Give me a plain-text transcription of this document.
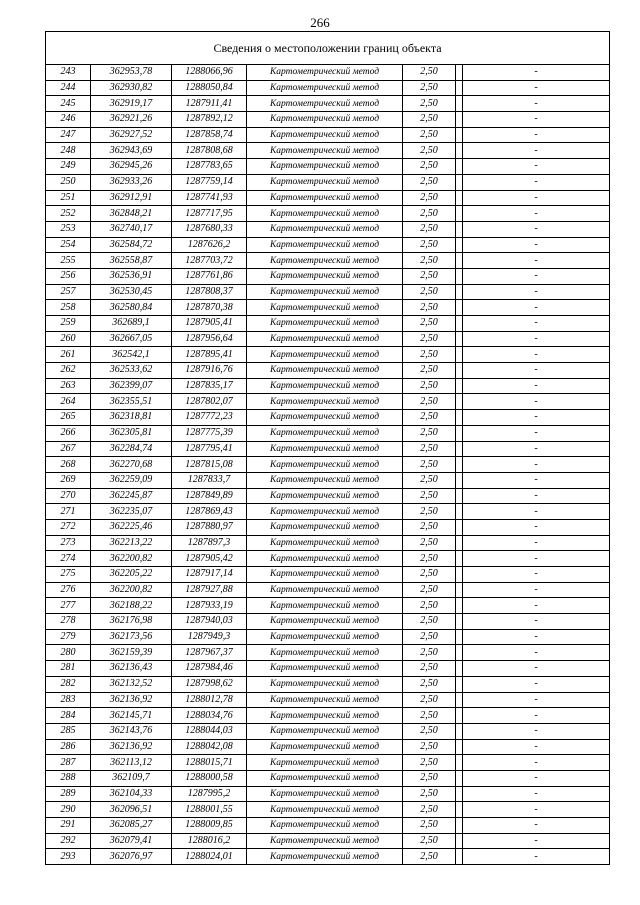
266
Сведения о местоположении границ объекта
243	362953,78	1288066,96	Картометрический метод	2,50		-
244	362930,82	1288050,84	Картометрический метод	2,50		-
245	362919,17	1287911,41	Картометрический метод	2,50		-
246	362921,26	1287892,12	Картометрический метод	2,50		-
247	362927,52	1287858,74	Картометрический метод	2,50		-
248	362943,69	1287808,68	Картометрический метод	2,50		-
249	362945,26	1287783,65	Картометрический метод	2,50		-
250	362933,26	1287759,14	Картометрический метод	2,50		-
251	362912,91	1287741,93	Картометрический метод	2,50		-
252	362848,21	1287717,95	Картометрический метод	2,50		-
253	362740,17	1287680,33	Картометрический метод	2,50		-
254	362584,72	1287626,2	Картометрический метод	2,50		-
255	362558,87	1287703,72	Картометрический метод	2,50		-
256	362536,91	1287761,86	Картометрический метод	2,50		-
257	362530,45	1287808,37	Картометрический метод	2,50		-
258	362580,84	1287870,38	Картометрический метод	2,50		-
259	362689,1	1287905,41	Картометрический метод	2,50		-
260	362667,05	1287956,64	Картометрический метод	2,50		-
261	362542,1	1287895,41	Картометрический метод	2,50		-
262	362533,62	1287916,76	Картометрический метод	2,50		-
263	362399,07	1287835,17	Картометрический метод	2,50		-
264	362355,51	1287802,07	Картометрический метод	2,50		-
265	362318,81	1287772,23	Картометрический метод	2,50		-
266	362305,81	1287775,39	Картометрический метод	2,50		-
267	362284,74	1287795,41	Картометрический метод	2,50		-
268	362270,68	1287815,08	Картометрический метод	2,50		-
269	362259,09	1287833,7	Картометрический метод	2,50		-
270	362245,87	1287849,89	Картометрический метод	2,50		-
271	362235,07	1287869,43	Картометрический метод	2,50		-
272	362225,46	1287880,97	Картометрический метод	2,50		-
273	362213,22	1287897,3	Картометрический метод	2,50		-
274	362200,82	1287905,42	Картометрический метод	2,50		-
275	362205,22	1287917,14	Картометрический метод	2,50		-
276	362200,82	1287927,88	Картометрический метод	2,50		-
277	362188,22	1287933,19	Картометрический метод	2,50		-
278	362176,98	1287940,03	Картометрический метод	2,50		-
279	362173,56	1287949,3	Картометрический метод	2,50		-
280	362159,39	1287967,37	Картометрический метод	2,50		-
281	362136,43	1287984,46	Картометрический метод	2,50		-
282	362132,52	1287998,62	Картометрический метод	2,50		-
283	362136,92	1288012,78	Картометрический метод	2,50		-
284	362145,71	1288034,76	Картометрический метод	2,50		-
285	362143,76	1288044,03	Картометрический метод	2,50		-
286	362136,92	1288042,08	Картометрический метод	2,50		-
287	362113,12	1288015,71	Картометрический метод	2,50		-
288	362109,7	1288000,58	Картометрический метод	2,50		-
289	362104,33	1287995,2	Картометрический метод	2,50		-
290	362096,51	1288001,55	Картометрический метод	2,50		-
291	362085,27	1288009,85	Картометрический метод	2,50		-
292	362079,41	1288016,2	Картометрический метод	2,50		-
293	362076,97	1288024,01	Картометрический метод	2,50		-
